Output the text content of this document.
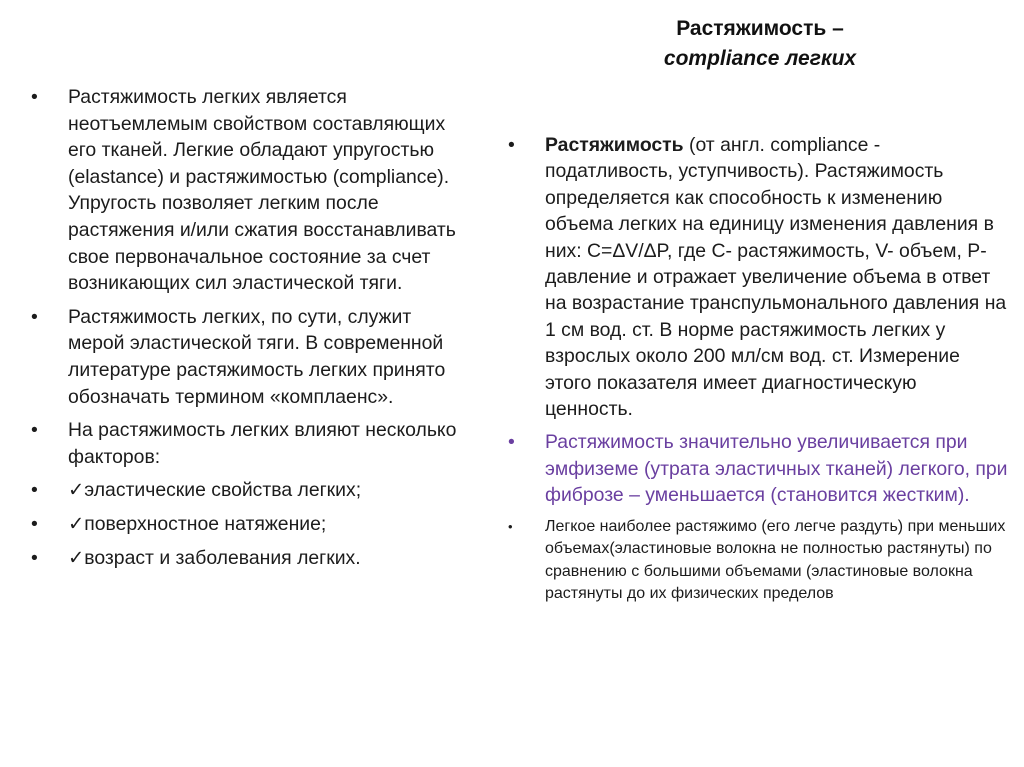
Растяжимость –
compliance легких
• Растяжимость легких является неотъемлемым свойством составляющих его тканей. Легкие обладают упругостью (elastance) и растяжимостью (compliance). Упругость позволяет легким после растяжения и/или сжатия восстанавливать свое первоначальное состояние за счет возникающих сил эластической тяги.
• Растяжимость легких, по сути, служит мерой эластической тяги. В современной литературе растяжимость легких принято обозначать термином «комплаенс».
• На растяжимость легких влияют несколько факторов:
• ✓эластические свойства легких;
• ✓поверхностное натяжение;
• ✓возраст и заболевания легких.
• Растяжимость (от англ. compliance - податливость, уступчивость). Растяжимость определяется как способность к изменению объема легких на единицу изменения давления в них: C=ΔV/ΔP, где C- растяжимость, V- объем, P- давление и отражает увеличение объема в ответ на возрастание транспульмонального давления на 1 см вод. ст. В норме растяжимость легких у взрослых около 200 мл/см вод. ст. Измерение этого показателя имеет диагностическую ценность.
• Растяжимость значительно увеличивается при эмфиземе (утрата эластичных тканей) легкого, при фиброзе – уменьшается (становится жестким).
• Легкое наиболее растяжимо (его легче раздуть) при меньших объемах(эластиновые волокна не полностью растянуты) по сравнению с большими объемами (эластиновые волокна растянуты до их физических пределов
